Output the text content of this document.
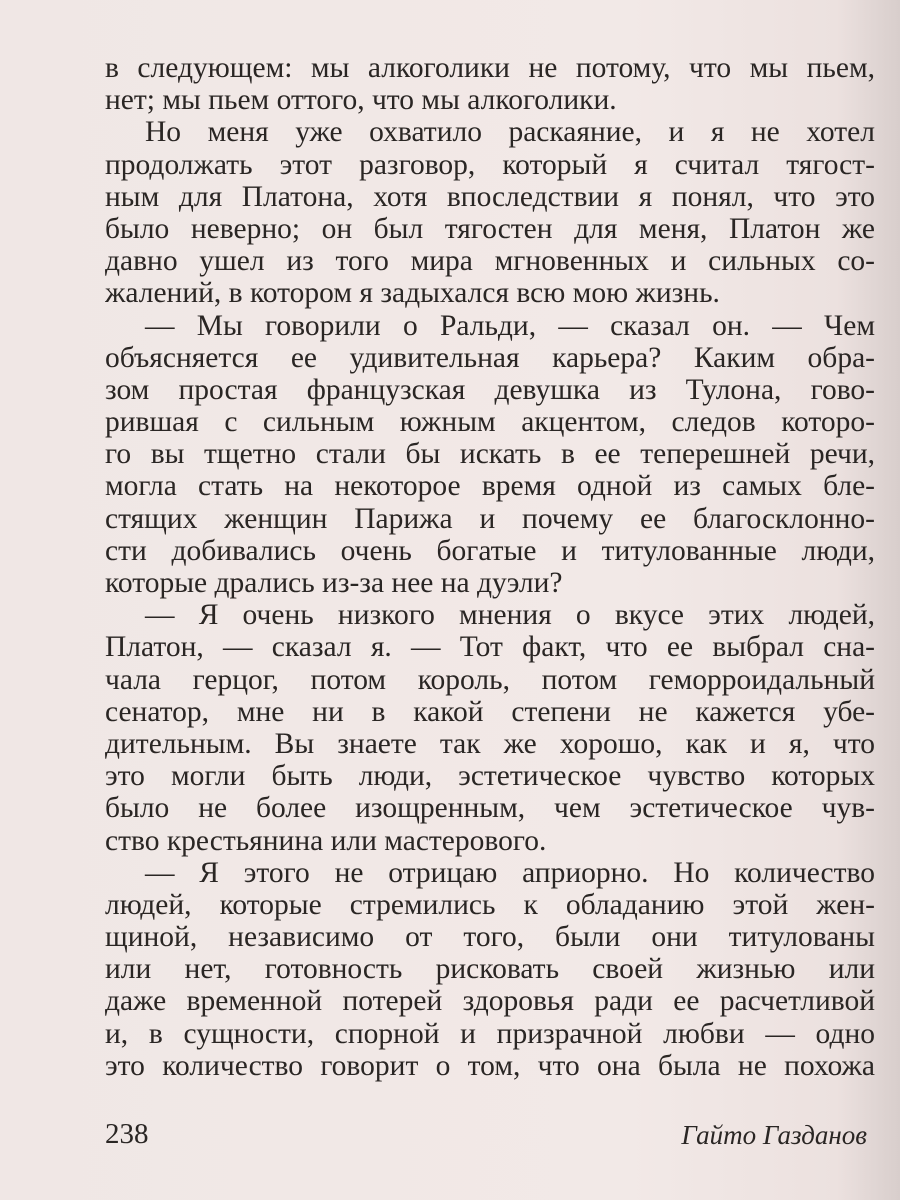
в следующем: мы алкоголики не потому, что мы пьем,
нет; мы пьем оттого, что мы алкоголики.
Но меня уже охватило раскаяние, и я не хотел
продолжать этот разговор, который я считал тягост-
ным для Платона, хотя впоследствии я понял, что это
было неверно; он был тягостен для меня, Платон же
давно ушел из того мира мгновенных и сильных со-
жалений, в котором я задыхался всю мою жизнь.
— Мы говорили о Ральди, — сказал он. — Чем
объясняется ее удивительная карьера? Каким обра-
зом простая французская девушка из Тулона, гово-
рившая с сильным южным акцентом, следов которо-
го вы тщетно стали бы искать в ее теперешней речи,
могла стать на некоторое время одной из самых бле-
стящих женщин Парижа и почему ее благосклонно-
сти добивались очень богатые и титулованные люди,
которые дрались из-за нее на дуэли?
— Я очень низкого мнения о вкусе этих людей,
Платон, — сказал я. — Тот факт, что ее выбрал сна-
чала герцог, потом король, потом геморроидальный
сенатор, мне ни в какой степени не кажется убе-
дительным. Вы знаете так же хорошо, как и я, что
это могли быть люди, эстетическое чувство которых
было не более изощренным, чем эстетическое чув-
ство крестьянина или мастерового.
— Я этого не отрицаю априорно. Но количество
людей, которые стремились к обладанию этой жен-
щиной, независимо от того, были они титулованы
или нет, готовность рисковать своей жизнью или
даже временной потерей здоровья ради ее расчетливой
и, в сущности, спорной и призрачной любви — одно
это количество говорит о том, что она была не похожа
238	Гайто Газданов
